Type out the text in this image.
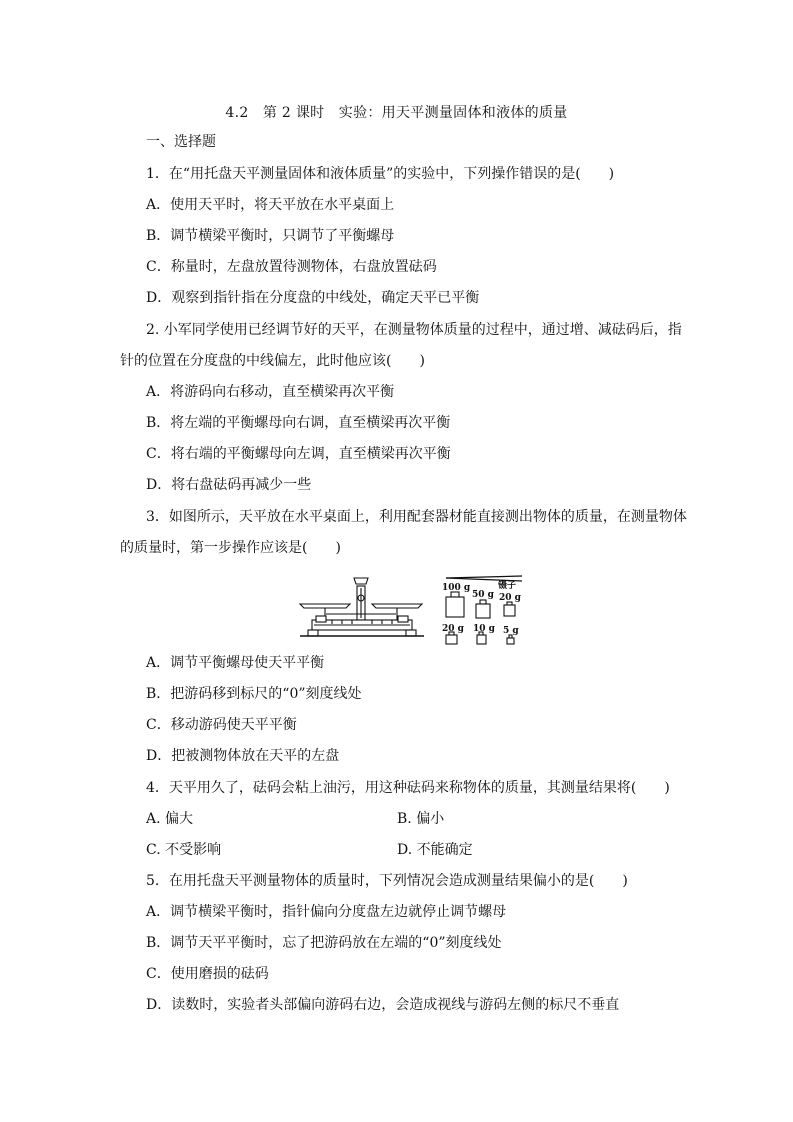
4.2　第 2 课时　实验：用天平测量固体和液体的质量
一、选择题
1．在“用托盘天平测量固体和液体质量”的实验中，下列操作错误的是(　　)
A．使用天平时，将天平放在水平桌面上
B．调节横梁平衡时，只调节了平衡螺母
C．称量时，左盘放置待测物体，右盘放置砝码
D．观察到指针指在分度盘的中线处，确定天平已平衡
2. 小军同学使用已经调节好的天平，在测量物体质量的过程中，通过增、减砝码后，指
针的位置在分度盘的中线偏左，此时他应该(　　)
A．将游码向右移动，直至横梁再次平衡
B．将左端的平衡螺母向右调，直至横梁再次平衡
C．将右端的平衡螺母向左调，直至横梁再次平衡
D．将右盘砝码再减少一些
3．如图所示，天平放在水平桌面上，利用配套器材能直接测出物体的质量，在测量物体
的质量时，第一步操作应该是(　　)
100 g
50 g
镊子
20 g
20 g 10 g 5 g
A．调节平衡螺母使天平平衡
B．把游码移到标尺的“0”刻度线处
C．移动游码使天平平衡
D．把被测物体放在天平的左盘
4．天平用久了，砝码会粘上油污，用这种砝码来称物体的质量，其测量结果将(　　)
A. 偏大	B. 偏小
C. 不受影响	D. 不能确定
5．在用托盘天平测量物体的质量时，下列情况会造成测量结果偏小的是(　　)
A．调节横梁平衡时，指针偏向分度盘左边就停止调节螺母
B．调节天平平衡时，忘了把游码放在左端的“0”刻度线处
C．使用磨损的砝码
D．读数时，实验者头部偏向游码右边，会造成视线与游码左侧的标尺不垂直
